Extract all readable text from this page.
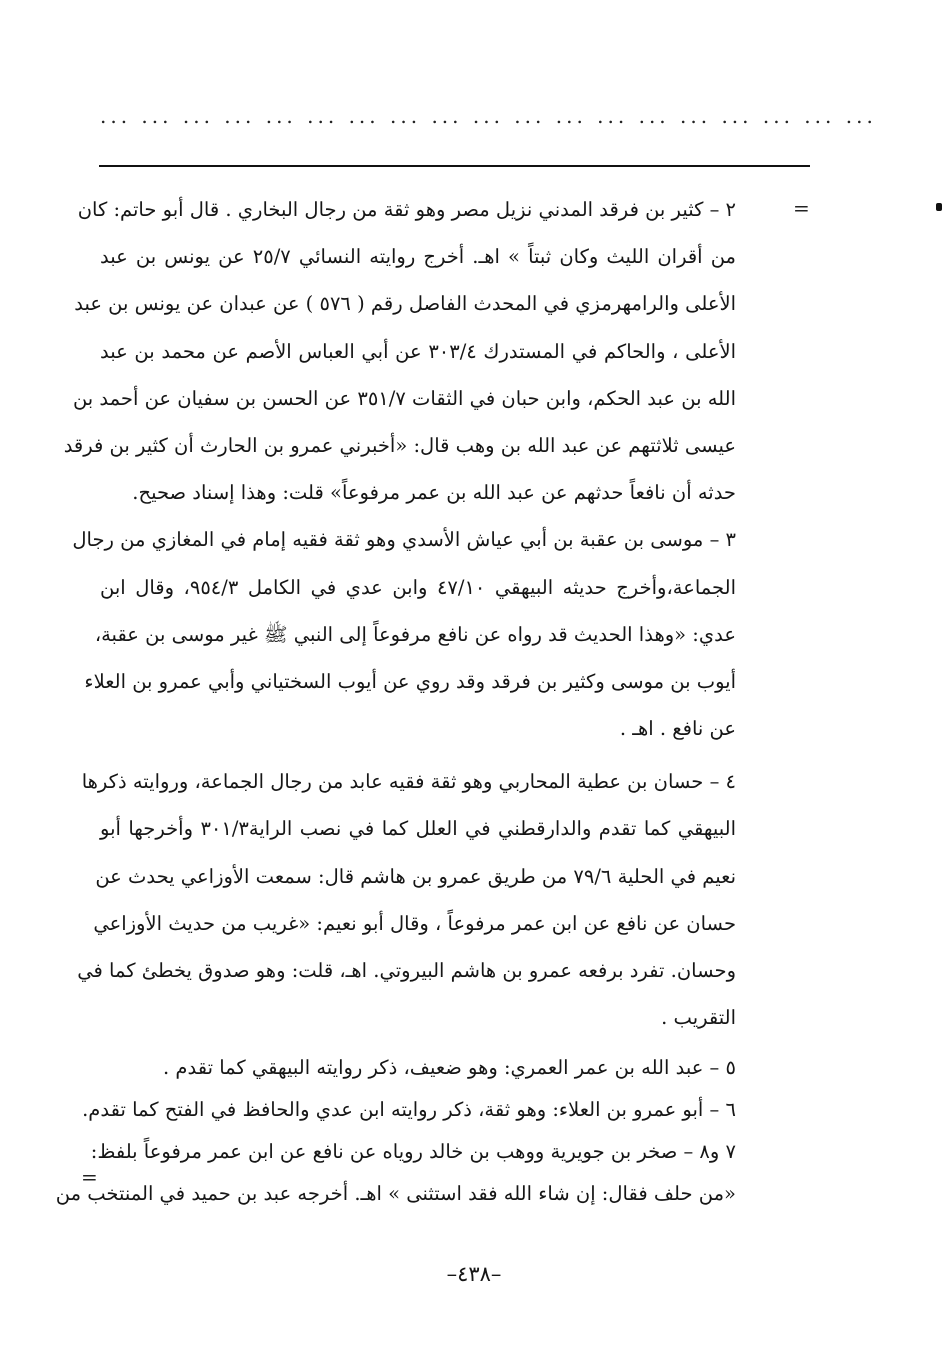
... ... ... ... ... ... ... ... ... ... ... ... ... ... ... ... ... ... ...
=
٢ – كثير بن فرقد المدني نزيل مصر وهو ثقة من رجال البخاري . قال أبو حاتم: كان
من أقران الليث وكان ثبتاً » اهـ. أخرج روايته النسائي ٢٥/٧ عن يونس بن عبد
الأعلى والرامهرمزي في المحدث الفاصل رقم ( ٥٧٦ ) عن عبدان عن يونس بن عبد
الأعلى ، والحاكم في المستدرك ٣٠٣/٤ عن أبي العباس الأصم عن محمد بن عبد
الله بن عبد الحكم، وابن حبان في الثقات ٣٥١/٧ عن الحسن بن سفيان عن أحمد بن
عيسى ثلاثتهم عن عبد الله بن وهب قال: «أخبرني عمرو بن الحارث أن كثير بن فرقد
حدثه أن نافعاً حدثهم عن عبد الله بن عمر مرفوعاً» قلت: وهذا إسناد صحيح.
٣ – موسى بن عقبة بن أبي عياش الأسدي وهو ثقة فقيه إمام في المغازي من رجال
الجماعة،وأخرج حديثه البيهقي ٤٧/١٠ وابن عدي في الكامل ٩٥٤/٣، وقال ابن
عدي: «وهذا الحديث قد رواه عن نافع مرفوعاً إلى النبي ﷺ غير موسى بن عقبة،
أيوب بن موسى وكثير بن فرقد وقد روي عن أيوب السختياني وأبي عمرو بن العلاء
عن نافع . اهـ .
٤ – حسان بن عطية المحاربي وهو ثقة فقيه عابد من رجال الجماعة، وروايته ذكرها
البيهقي كما تقدم والدارقطني في العلل كما في نصب الراية٣٠١/٣ وأخرجها أبو
نعيم في الحلية ٧٩/٦ من طريق عمرو بن هاشم قال: سمعت الأوزاعي يحدث عن
حسان عن نافع عن ابن عمر مرفوعاً ، وقال أبو نعيم: «غريب من حديث الأوزاعي
وحسان. تفرد برفعه عمرو بن هاشم البيروتي. اهـ، قلت: وهو صدوق يخطئ كما في
التقريب .
٥ – عبد الله بن عمر العمري: وهو ضعيف، ذكر روايته البيهقي كما تقدم .
٦ – أبو عمرو بن العلاء: وهو ثقة، ذكر روايته ابن عدي والحافظ في الفتح كما تقدم.
٧ و٨ – صخر بن جويرية ووهب بن خالد روياه عن نافع عن ابن عمر مرفوعاً بلفظ:
«من حلف فقال: إن شاء الله فقد استثنى » اهـ. أخرجه عبد بن حميد في المنتخب من
=
–٤٣٨–
